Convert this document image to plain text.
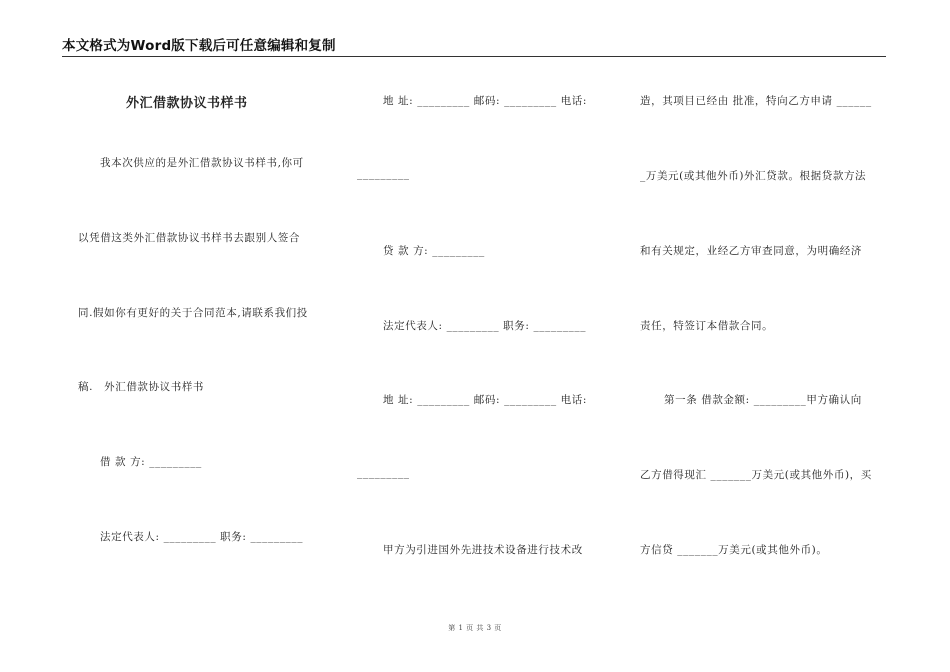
本文格式为Word版下载后可任意编辑和复制
外汇借款协议书样书
我本次供应的是外汇借款协议书样书,你可
以凭借这类外汇借款协议书样书去跟别人签合
同.假如你有更好的关于合同范本,请联系我们投
稿.　外汇借款协议书样书
借 款 方: _________
法定代表人: _________ 职务: _________
地 址: _________ 邮码: _________ 电话:
_________
贷 款 方: _________
法定代表人: _________ 职务: _________
地 址: _________ 邮码: _________ 电话:
_________
甲方为引进国外先进技术设备进行技术改
造，其项目已经由 批准，特向乙方申请 ______
_万美元(或其他外币)外汇贷款。根据贷款方法
和有关规定，业经乙方审查同意，为明确经济
责任，特签订本借款合同。
第一条 借款金额: _________甲方确认向
乙方借得现汇 _______万美元(或其他外币)，买
方信贷 _______万美元(或其他外币)。
第 1 页 共 3 页
